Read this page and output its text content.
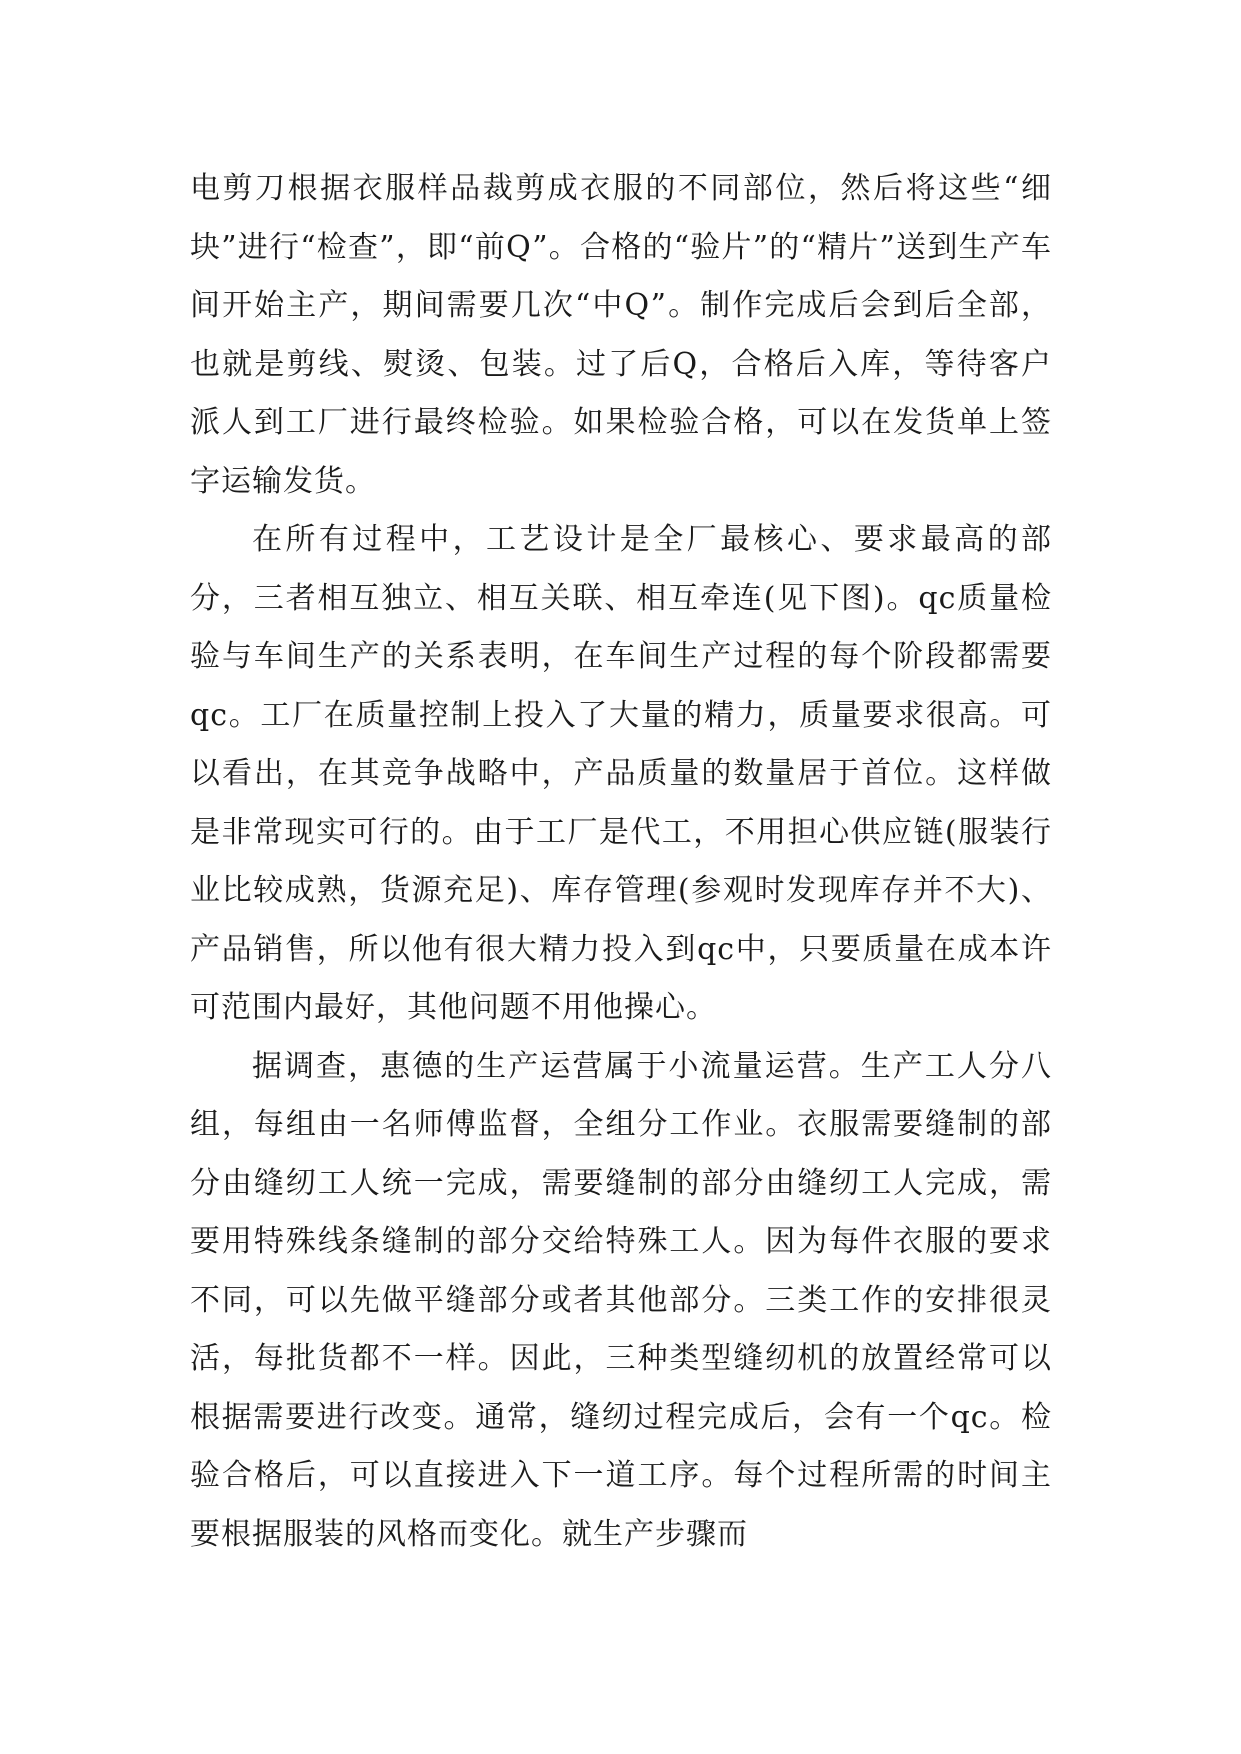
电剪刀根据衣服样品裁剪成衣服的不同部位，然后将这些“细块”进行“检查”，即“前Q”。合格的“验片”的“精片”送到生产车间开始主产，期间需要几次“中Q”。制作完成后会到后全部，也就是剪线、熨烫、包装。过了后Q，合格后入库，等待客户派人到工厂进行最终检验。如果检验合格，可以在发货单上签字运输发货。

在所有过程中，工艺设计是全厂最核心、要求最高的部分，三者相互独立、相互关联、相互牵连(见下图)。qc质量检验与车间生产的关系表明，在车间生产过程的每个阶段都需要qc。工厂在质量控制上投入了大量的精力，质量要求很高。可以看出，在其竞争战略中，产品质量的数量居于首位。这样做是非常现实可行的。由于工厂是代工，不用担心供应链(服装行业比较成熟，货源充足)、库存管理(参观时发现库存并不大)、产品销售，所以他有很大精力投入到qc中，只要质量在成本许可范围内最好，其他问题不用他操心。

据调查，惠德的生产运营属于小流量运营。生产工人分八组，每组由一名师傅监督，全组分工作业。衣服需要缝制的部分由缝纫工人统一完成，需要缝制的部分由缝纫工人完成，需要用特殊线条缝制的部分交给特殊工人。因为每件衣服的要求不同，可以先做平缝部分或者其他部分。三类工作的安排很灵活，每批货都不一样。因此，三种类型缝纫机的放置经常可以根据需要进行改变。通常，缝纫过程完成后，会有一个qc。检验合格后，可以直接进入下一道工序。每个过程所需的时间主要根据服装的风格而变化。就生产步骤而
